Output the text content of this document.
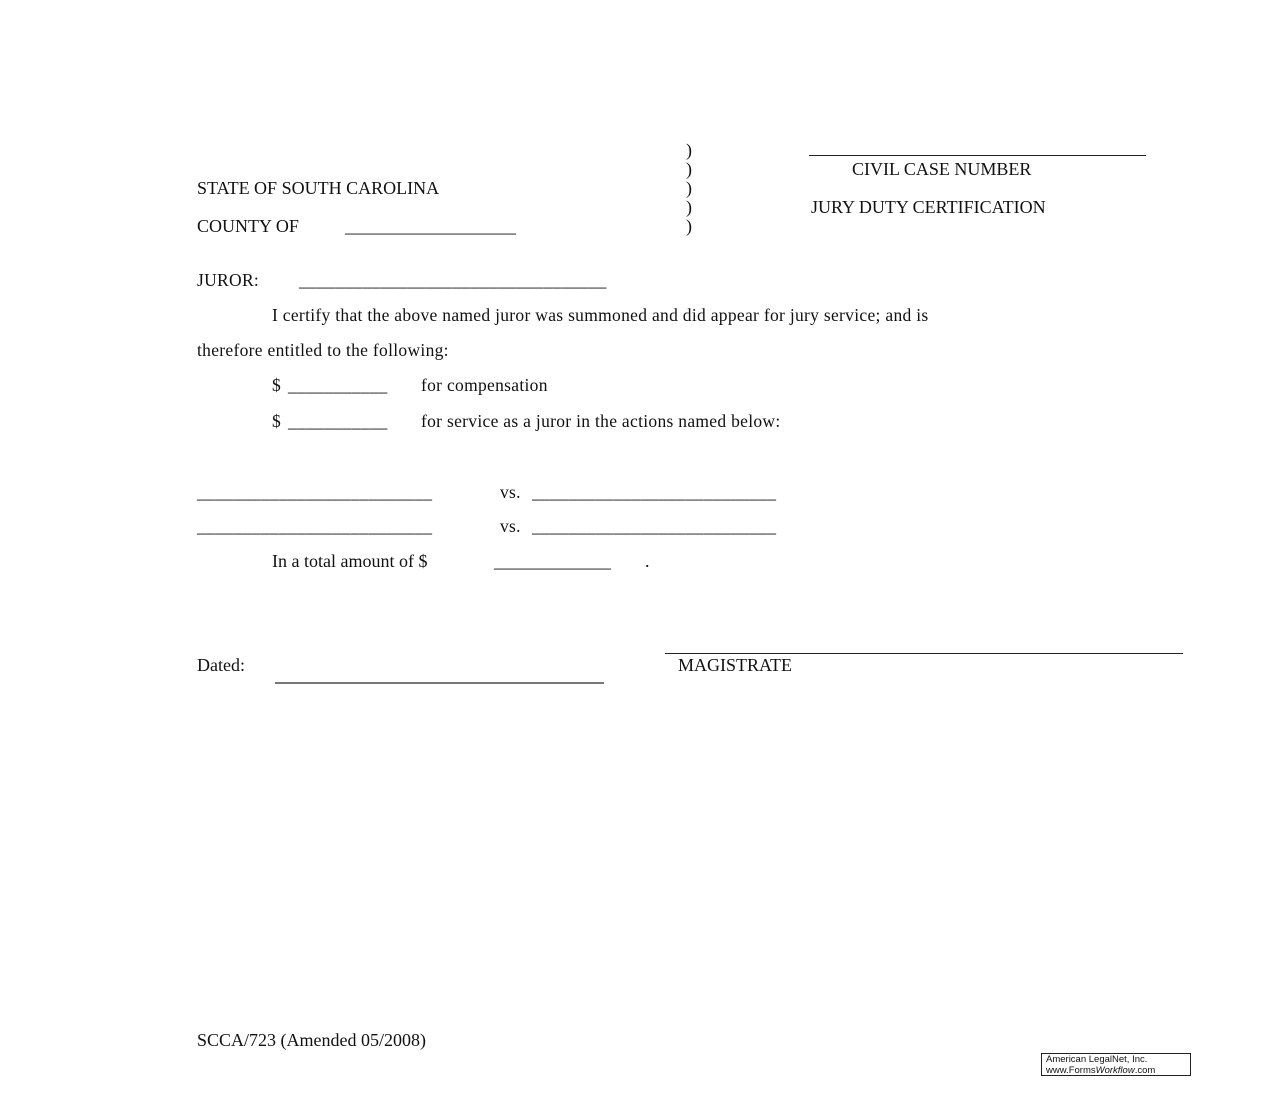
STATE OF SOUTH CAROLINA
COUNTY OF	___________________
)
)
)
)
)
CIVIL CASE NUMBER
JURY DUTY CERTIFICATION
JUROR: __________________________________
I certify that the above named juror was summoned and did appear for jury service; and is
therefore entitled to the following:
$ ___________ for compensation
$ ___________ for service as a juror in the actions named below:
__________________________	vs. ___________________________
__________________________	vs. ___________________________
In a total amount of $	_____________ .
Dated:	MAGISTRATE
SCCA/723 (Amended 05/2008)
American LegalNet, Inc.
www.FormsWorkflow.com
